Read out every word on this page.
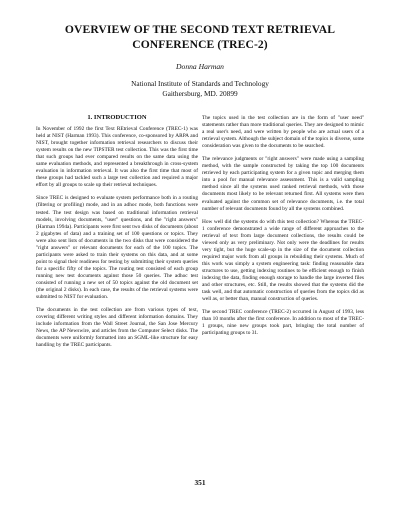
OVERVIEW OF THE SECOND TEXT RETRIEVAL
CONFERENCE (TREC-2)
Donna Harman
National Institute of Standards and Technology
Gaithersburg, MD. 20899
1. INTRODUCTION

In November of 1992 the first Text REtrieval Conference (TREC-1) was held at NIST (Harman 1993). This conference, co-sponsored by ARPA and NIST, brought together information retrieval researchers to discuss their system results on the new TIPSTER test collection. This was the first time that such groups had ever compared results on the same data using the same evaluation methods, and represented a breakthrough in cross-system evaluation in information retrieval. It was also the first time that most of these groups had tackled such a large test collection and required a major effort by all groups to scale up their retrieval techniques.

Since TREC is designed to evaluate system performance both in a routing (filtering or profiling) mode, and in an adhoc mode, both functions were tested. The test design was based on traditional information retrieval models, involving documents, "user" questions, and the "right answers" (Harman 1994a). Participants were first sent two disks of documents (about 2 gigabytes of data) and a training set of 100 questions or topics. They were also sent lists of documents in the two disks that were considered the "right answers" or relevant documents for each of the 100 topics. The participants were asked to train their systems on this data, and at some point to signal their readiness for testing by submitting their system queries for a specific fifty of the topics. The routing test consisted of each group running new test documents against those 50 queries. The adhoc test consisted of running a new set of 50 topics against the old document set (the original 2 disks). In each case, the results of the retrieval systems were submitted to NIST for evaluation.

The documents in the test collection are from various types of text, covering different writing styles and different information domains. They include information from the Wall Street Journal, the San Jose Mercury News, the AP Newswire, and articles from the Computer Select disks. The documents were uniformly formatted into an SGML-like structure for easy handling by the TREC participants.

The topics used in the test collection are in the form of "user need" statements rather than more traditional queries. They are designed to mimic a real user's need, and were written by people who are actual users of a retrieval system. Although the subject domain of the topics is diverse, some consideration was given to the documents to be searched.

The relevance judgments or "right answers" were made using a sampling method, with the sample constructed by taking the top 100 documents retrieved by each participating system for a given topic and merging them into a pool for manual relevance assessment. This is a valid sampling method since all the systems used ranked retrieval methods, with those documents most likely to be relevant returned first. All systems were then evaluated against the common set of relevance documents, i.e. the total number of relevant documents found by all the systems combined.

How well did the systems do with this test collection? Whereas the TREC-1 conference demonstrated a wide range of different approaches to the retrieval of text from large document collections, the results could be viewed only as very preliminary. Not only were the deadlines for results very tight, but the huge scale-up in the size of the document collection required major work from all groups in rebuilding their systems. Much of this work was simply a system engineering task: finding reasonable data structures to use, getting indexing routines to be efficient enough to finish indexing the data, finding enough storage to handle the large inverted files and other structures, etc. Still, the results showed that the systems did the task well, and that automatic construction of queries from the topics did as well as, or better than, manual construction of queries.

The second TREC conference (TREC-2) occurred in August of 1993, less than 10 months after the first conference. In addition to most of the TREC-1 groups, nine new groups took part, bringing the total number of participating groups to 31.

351
